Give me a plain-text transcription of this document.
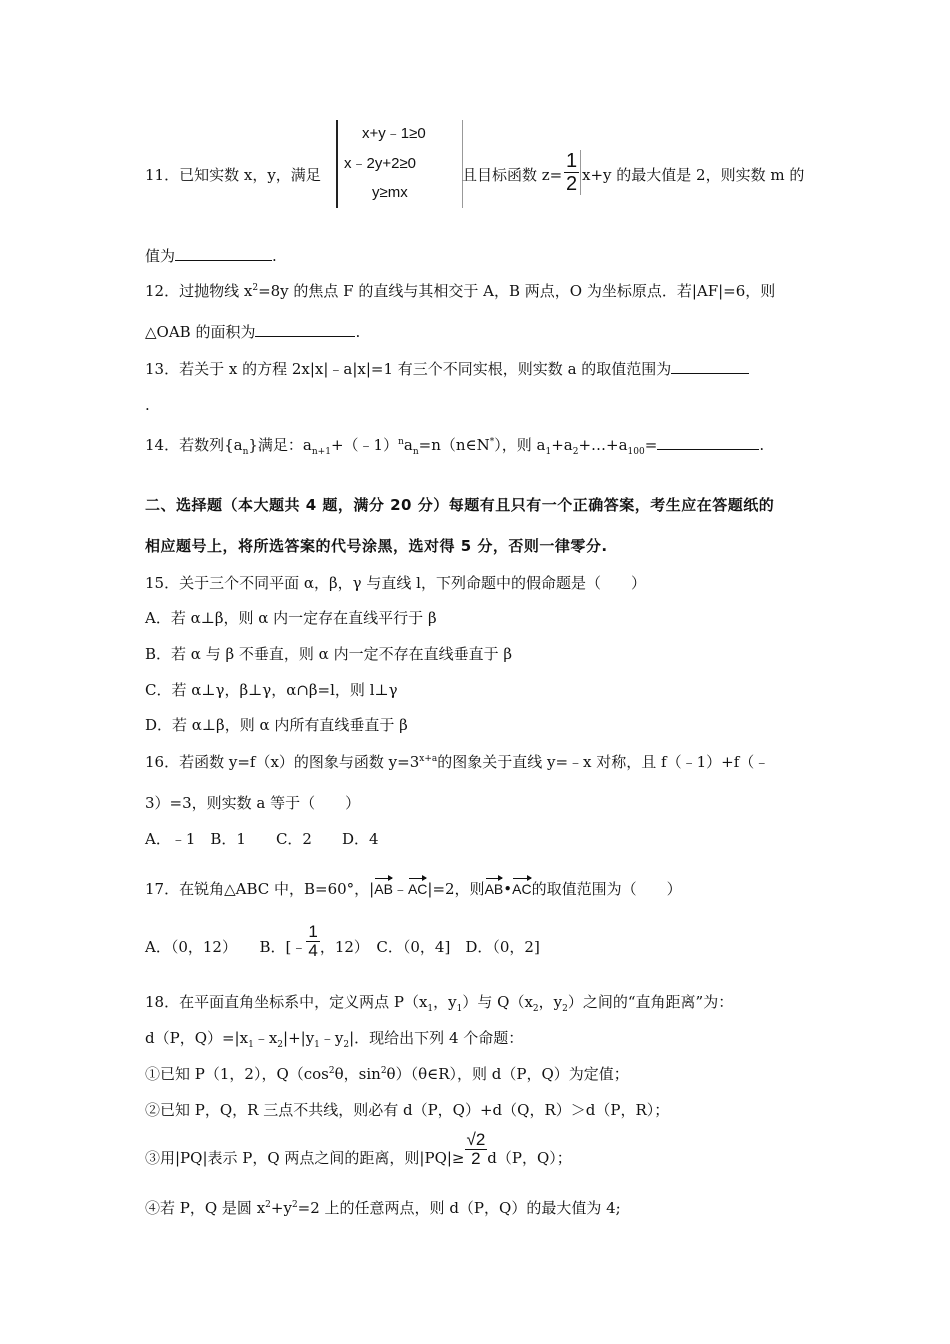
11．已知实数 x，y，满足
x+y﹣1≥0
x﹣2y+2≥0
y≥mx
且目标函数 $z= \frac{1}{2} x+y$ 的最大值是 2，则实数 m 的
值为	.
12．过抛物线 $x^2=8y$ 的焦点 F 的直线与其相交于 A，B 两点，O 为坐标原点．若|AF|=6，则
△OAB 的面积为	.
13．若关于 x 的方程 2x|x|﹣a|x|=1 有三个不同实根，则实数 a 的取值范围为
.
14．若数列$\{a_n\}$满足：$a_{n+1}+(﹣1)^na_n=n(n\in N^*)$，则 $a_1+a_2+\dots+a_{100}=$	.
二、选择题（本大题共 4 题，满分 20 分）每题有且只有一个正确答案，考生应在答题纸的
相应题号上，将所选答案的代号涂黑，选对得 5 分，否则一律零分.
15．关于三个不同平面 α，β，γ 与直线 l，下列命题中的假命题是（　　）
A．若 α⊥β，则 α 内一定存在直线平行于 β
B．若 α 与 β 不垂直，则 α 内一定不存在直线垂直于 β
C．若 α⊥γ，β⊥γ，α∩β=l，则 l⊥γ
D．若 α⊥β，则 α 内所有直线垂直于 β
16．若函数 y=f（x）的图象与函数 $y=3^{x+a}$的图象关于直线 y=﹣x 对称，且 f（﹣1）+f（﹣
3）=3，则实数 a 等于（　　）
A．﹣1　B．1　　C．2　　D．4
17．在锐角△ABC 中，B=60°，|AB﹣AC|=2，则AB•AC的取值范围为（　　）
A．（0，12）　　B．[﹣ $\frac{1}{4}$ ，12）　C．（0，4]　D．（0，2]
18．在平面直角坐标系中，定义两点 $P(x_1$，$y_1$）与 $Q(x_2$，$y_2$）之间的“直角距离”为：
d（P，$Q)=|x_1﹣x_2|+|y_1﹣y_2|$．现给出下列 4 个命题：
①已知 P（1，2），$Q(\cos^2\theta$，$\sin^2\theta)(\theta\in R)$，则 d（P，Q）为定值；
②已知 P，Q，R 三点不共线，则必有 d（P，Q）+d（Q，R）＞d（P，R）；
③用|PQ|表示 P，Q 两点之间的距离，则$|PQ|\ge \frac{√2}{2} d(P$，Q）；
④若 P，Q 是圆 $x^2+y^2=2$ 上的任意两点，则 d（P，Q）的最大值为 4;
